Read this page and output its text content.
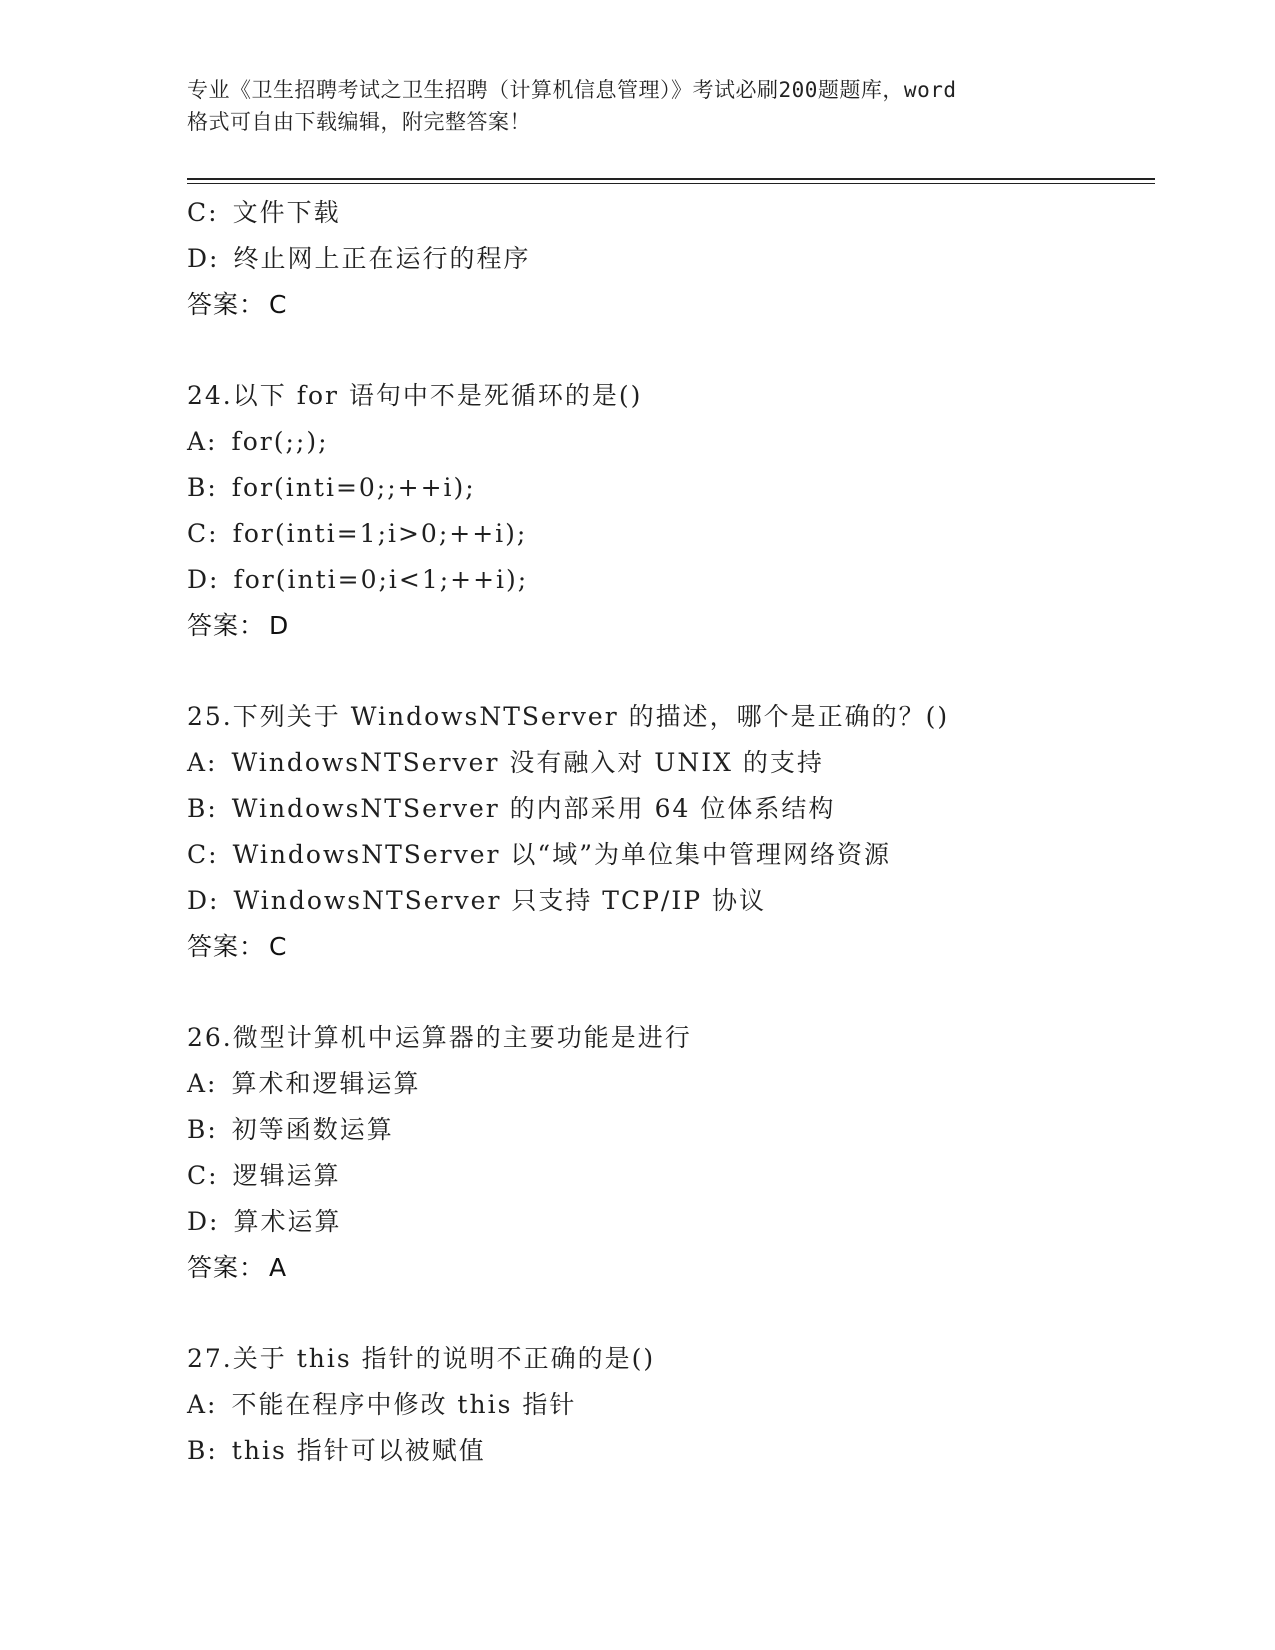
专业《卫生招聘考试之卫生招聘（计算机信息管理）》考试必刷200题题库，word
格式可自由下载编辑，附完整答案！
C: 文件下载
D: 终止网上正在运行的程序
答案： C
24.以下 for 语句中不是死循环的是()
A: for(;;);
B: for(inti=0;;++i);
C: for(inti=1;i>0;++i);
D: for(inti=0;i<1;++i);
答案： D
25.下列关于 WindowsNTServer 的描述，哪个是正确的？()
A: WindowsNTServer 没有融入对 UNIX 的支持
B: WindowsNTServer 的内部采用 64 位体系结构
C: WindowsNTServer 以“域”为单位集中管理网络资源
D: WindowsNTServer 只支持 TCP/IP 协议
答案： C
26.微型计算机中运算器的主要功能是进行
A: 算术和逻辑运算
B: 初等函数运算
C: 逻辑运算
D: 算术运算
答案： A
27.关于 this 指针的说明不正确的是()
A: 不能在程序中修改 this 指针
B: this 指针可以被赋值
